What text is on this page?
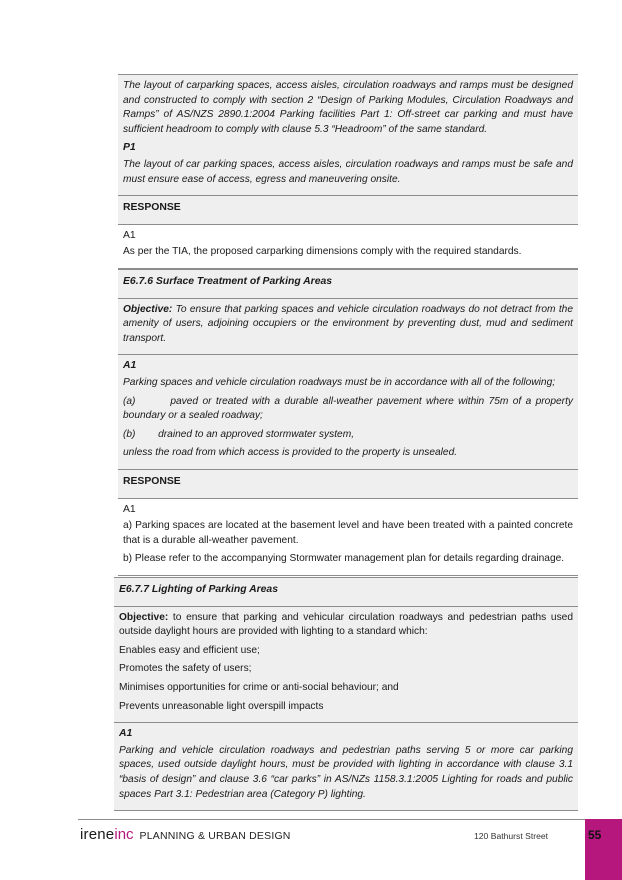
The layout of carparking spaces, access aisles, circulation roadways and ramps must be designed and constructed to comply with section 2 “Design of Parking Modules, Circulation Roadways and Ramps” of AS/NZS 2890.1:2004 Parking facilities Part 1: Off-street car parking and must have sufficient headroom to comply with clause 5.3 “Headroom” of the same standard.

P1

The layout of car parking spaces, access aisles, circulation roadways and ramps must be safe and must ensure ease of access, egress and maneuvering onsite.

RESPONSE

A1

As per the TIA, the proposed carparking dimensions comply with the required standards.

E6.7.6 Surface Treatment of Parking Areas

Objective: To ensure that parking spaces and vehicle circulation roadways do not detract from the amenity of users, adjoining occupiers or the environment by preventing dust, mud and sediment transport.

A1

Parking spaces and vehicle circulation roadways must be in accordance with all of the following;

(a)	paved or treated with a durable all-weather pavement where within 75m of a property boundary or a sealed roadway;

(b) drained to an approved stormwater system,

unless the road from which access is provided to the property is unsealed.

RESPONSE

A1

a) Parking spaces are located at the basement level and have been treated with a painted concrete that is a durable all-weather pavement.

b) Please refer to the accompanying Stormwater management plan for details regarding drainage.

E6.7.7 Lighting of Parking Areas

Objective: to ensure that parking and vehicular circulation roadways and pedestrian paths used outside daylight hours are provided with lighting to a standard which:

Enables easy and efficient use;

Promotes the safety of users;

Minimises opportunities for crime or anti-social behaviour; and

Prevents unreasonable light overspill impacts

A1

Parking and vehicle circulation roadways and pedestrian paths serving 5 or more car parking spaces, used outside daylight hours, must be provided with lighting in accordance with clause 3.1 “basis of design” and clause 3.6 “car parks” in AS/NZs 1158.3.1:2005 Lighting for roads and public spaces Part 3.1: Pedestrian area (Category P) lighting.

irene inc PLANNING & URBAN DESIGN	120 Bathurst Street	55
